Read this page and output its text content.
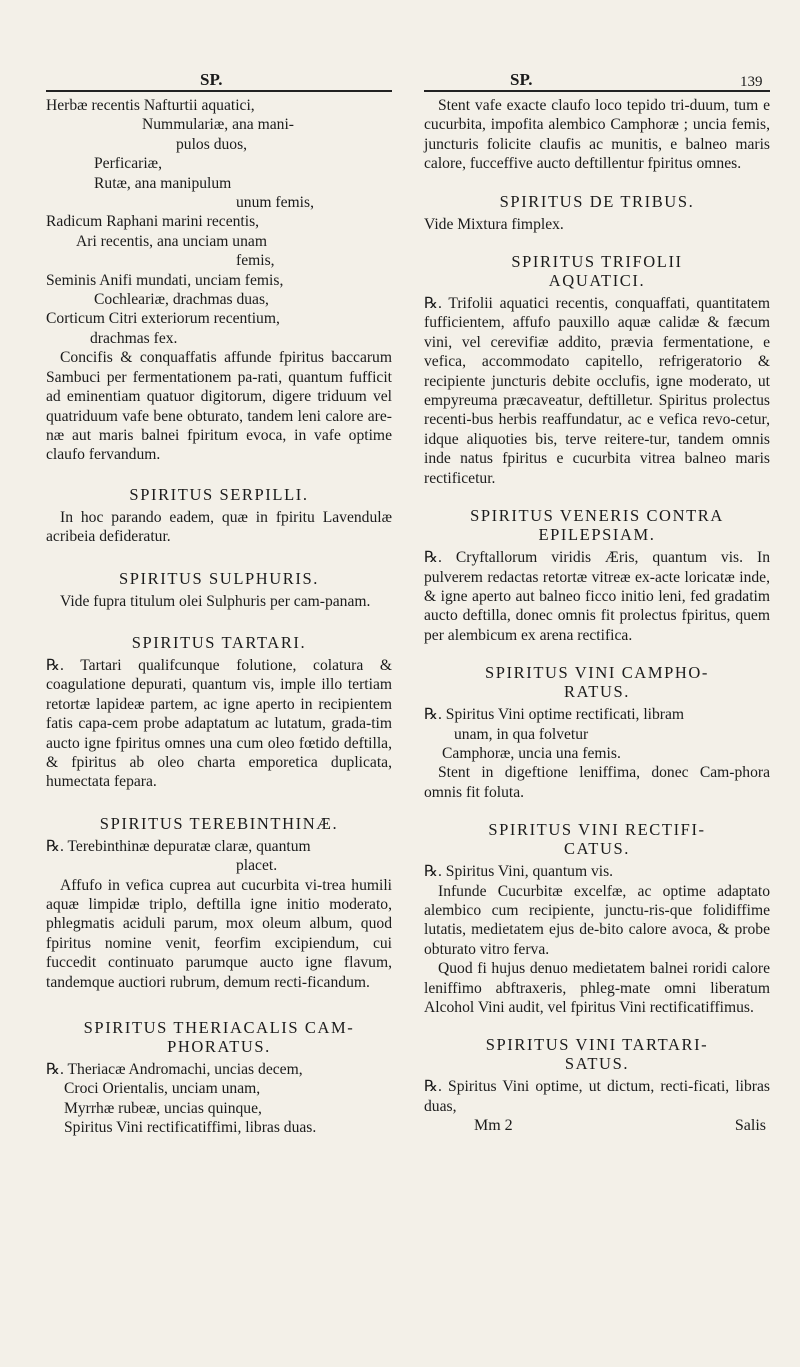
SP.	SP.	139

Herbæ recentis Nafturtii aquatici,

Nummulariæ, ana mani-

pulos duos,

Perficariæ,

Rutæ, ana manipulum

unum femis,

Radicum Raphani marini recentis,

Ari recentis, ana unciam unam

femis,

Seminis Anifi mundati, unciam femis,

Cochleariæ, drachmas duas,

Corticum Citri exteriorum recentium,

drachmas fex.

Concifis & conquaffatis affunde fpiritus baccarum Sambuci per fermentationem pa-rati, quantum fufficit ad eminentiam quatuor digitorum, digere triduum vel quatriduum vafe bene obturato, tandem leni calore are-næ aut maris balnei fpiritum evoca, in vafe optime claufo fervandum.

SPIRITUS SERPILLI.

In hoc parando eadem, quæ in fpiritu Lavendulæ acribeia defideratur.

SPIRITUS SULPHURIS.

Vide fupra titulum olei Sulphuris per cam-panam.

SPIRITUS TARTARI.

℞. Tartari qualifcunque folutione, colatura & coagulatione depurati, quantum vis, imple illo tertiam retortæ lapideæ partem, ac igne aperto in recipientem fatis capa-cem probe adaptatum ac lutatum, grada-tim aucto igne fpiritus omnes una cum oleo fœtido deftilla, & fpiritus ab oleo charta emporetica duplicata, humectata fepara.

SPIRITUS TEREBINTHINÆ.

℞. Terebinthinæ depuratæ claræ, quantum

placet.

Affufo in vefica cuprea aut cucurbita vi-trea humili aquæ limpidæ triplo, deftilla igne initio moderato, phlegmatis aciduli parum, mox oleum album, quod fpiritus nomine venit, feorfim excipiendum, cui fuccedit continuato parumque aucto igne flavum, tandemque auctiori rubrum, demum recti-ficandum.

SPIRITUS THERIACALIS CAM-PHORATUS.

℞. Theriacæ Andromachi, uncias decem,

Croci Orientalis, unciam unam,

Myrrhæ rubeæ, uncias quinque,

Spiritus Vini rectificatiffimi, libras duas.

Stent vafe exacte claufo loco tepido tri-duum, tum e cucurbita, impofita alembico Camphoræ ; uncia femis, juncturis folicite claufis ac munitis, e balneo maris calore, fucceffive aucto deftillentur fpiritus omnes.

SPIRITUS DE TRIBUS.

Vide Mixtura fimplex.

SPIRITUS TRIFOLII AQUATICI.

℞. Trifolii aquatici recentis, conquaffati, quantitatem fufficientem, affufo pauxillo aquæ calidæ & fæcum vini, vel cerevifiæ addito, prævia fermentatione, e vefica, accommodato capitello, refrigeratorio & recipiente juncturis debite occlufis, igne moderato, ut empyreuma præcaveatur, deftilletur. Spiritus prolectus recenti-bus herbis reaffundatur, ac e vefica revo-cetur, idque aliquoties bis, terve reitere-tur, tandem omnis inde natus fpiritus e cucurbita vitrea balneo maris rectificetur.

SPIRITUS VENERIS CONTRA EPILEPSIAM.

℞. Cryftallorum viridis Æris, quantum vis. In pulverem redactas retortæ vitreæ ex-acte loricatæ inde, & igne aperto aut balneo ficco initio leni, fed gradatim aucto deftilla, donec omnis fit prolectus fpiritus, quem per alembicum ex arena rectifica.

SPIRITUS VINI CAMPHO-RATUS.

℞. Spiritus Vini optime rectificati, libram

unam, in qua folvetur

Camphoræ, uncia una femis.

Stent in digeftione leniffima, donec Cam-phora omnis fit foluta.

SPIRITUS VINI RECTIFI-CATUS.

℞. Spiritus Vini, quantum vis.

Infunde Cucurbitæ excelfæ, ac optime adaptato alembico cum recipiente, junctu-ris-que folidiffime lutatis, medietatem ejus de-bito calore avoca, & probe obturato vitro ferva.

Quod fi hujus denuo medietatem balnei roridi calore leniffimo abftraxeris, phleg-mate omni liberatum Alcohol Vini audit, vel fpiritus Vini rectificatiffimus.

SPIRITUS VINI TARTARI-SATUS.

℞. Spiritus Vini optime, ut dictum, recti-ficati, libras duas,

Mm 2	Salis
